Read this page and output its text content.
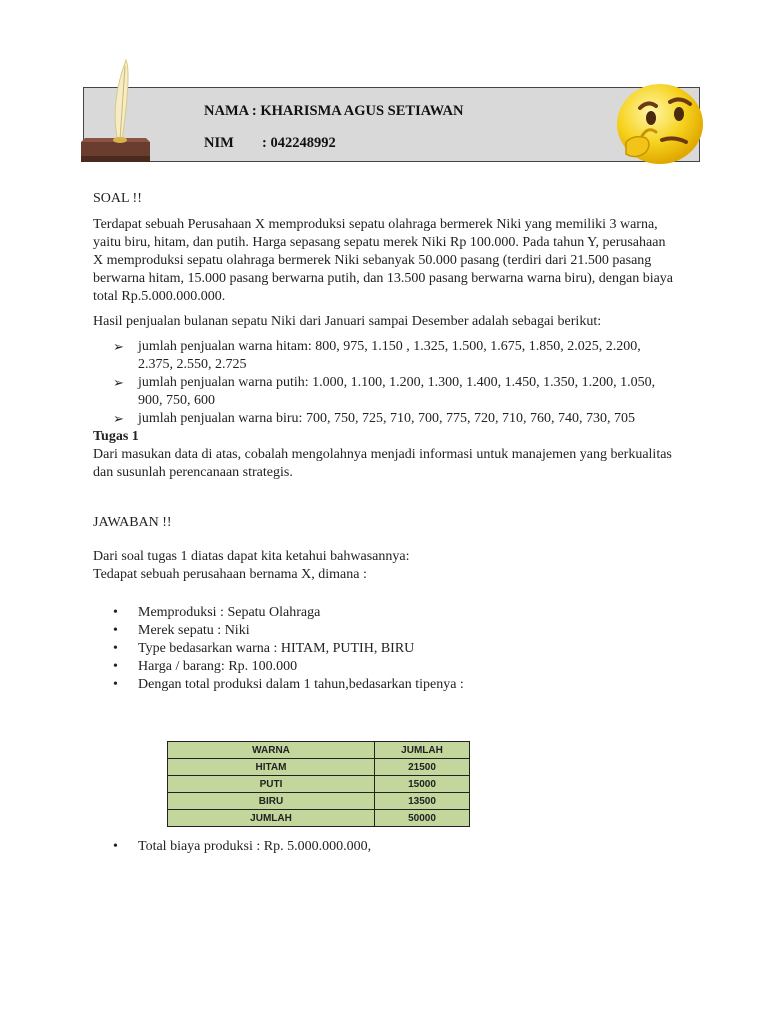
NAMA : KHARISMA AGUS SETIAWAN
NIM : 042248992
SOAL !!
Terdapat sebuah Perusahaan X memproduksi sepatu olahraga bermerek Niki yang memiliki 3 warna, yaitu biru, hitam, dan putih. Harga sepasang sepatu merek Niki Rp 100.000. Pada tahun Y, perusahaan X memproduksi sepatu olahraga bermerek Niki sebanyak 50.000 pasang (terdiri dari 21.500 pasang berwarna hitam, 15.000 pasang berwarna putih, dan 13.500 pasang berwarna warna biru), dengan biaya total Rp.5.000.000.000.
Hasil penjualan bulanan sepatu Niki dari Januari sampai Desember adalah sebagai berikut:
➢ jumlah penjualan warna hitam: 800, 975, 1.150 , 1.325, 1.500, 1.675, 1.850, 2.025, 2.200, 2.375, 2.550, 2.725
➢ jumlah penjualan warna putih: 1.000, 1.100, 1.200, 1.300, 1.400, 1.450, 1.350, 1.200, 1.050, 900, 750, 600
➢ jumlah penjualan warna biru: 700, 750, 725, 710, 700, 775, 720, 710, 760, 740, 730, 705
Tugas 1
Dari masukan data di atas, cobalah mengolahnya menjadi informasi untuk manajemen yang berkualitas dan susunlah perencanaan strategis.
JAWABAN !!
Dari soal tugas 1 diatas dapat kita ketahui bahwasannya:
Tedapat sebuah perusahaan bernama X, dimana :
• Memproduksi : Sepatu Olahraga
• Merek sepatu : Niki
• Type bedasarkan warna : HITAM, PUTIH, BIRU
• Harga / barang: Rp. 100.000
• Dengan total produksi dalam 1 tahun,bedasarkan tipenya :
WARNA	JUMLAH
HITAM	21500
PUTI	15000
BIRU	13500
JUMLAH	50000
• Total biaya produksi : Rp. 5.000.000.000,
